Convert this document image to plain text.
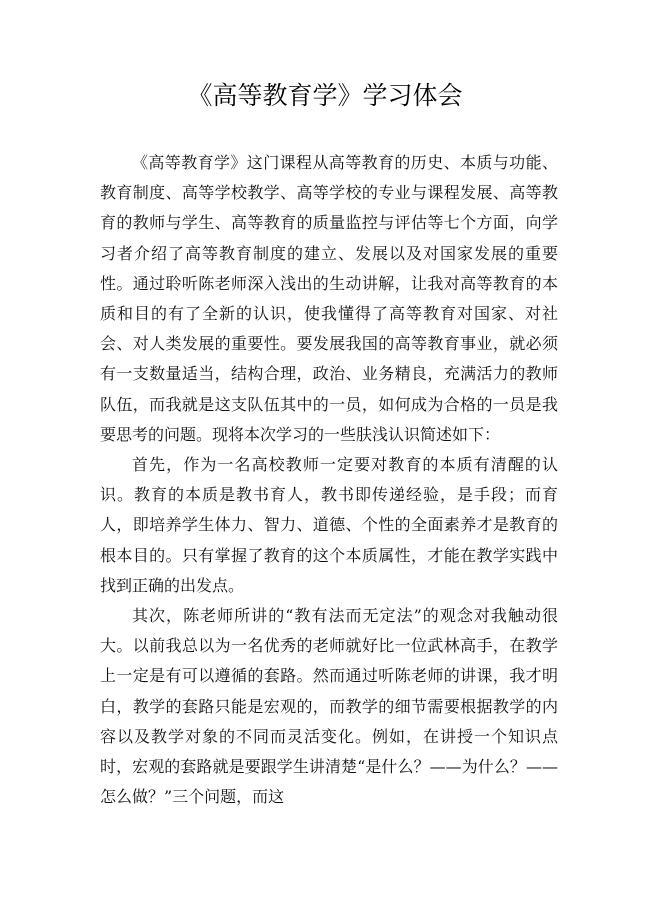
《高等教育学》学习体会

《高等教育学》这门课程从高等教育的历史、本质与功能、教育制度、高等学校教学、高等学校的专业与课程发展、高等教育的教师与学生、高等教育的质量监控与评估等七个方面，向学习者介绍了高等教育制度的建立、发展以及对国家发展的重要性。通过聆听陈老师深入浅出的生动讲解，让我对高等教育的本质和目的有了全新的认识，使我懂得了高等教育对国家、对社会、对人类发展的重要性。要发展我国的高等教育事业，就必须有一支数量适当，结构合理，政治、业务精良，充满活力的教师队伍，而我就是这支队伍其中的一员，如何成为合格的一员是我要思考的问题。现将本次学习的一些肤浅认识简述如下：

首先，作为一名高校教师一定要对教育的本质有清醒的认识。教育的本质是教书育人，教书即传递经验，是手段；而育人，即培养学生体力、智力、道德、个性的全面素养才是教育的根本目的。只有掌握了教育的这个本质属性，才能在教学实践中找到正确的出发点。

其次，陈老师所讲的“教有法而无定法”的观念对我触动很大。以前我总以为一名优秀的老师就好比一位武林高手，在教学上一定是有可以遵循的套路。然而通过听陈老师的讲课，我才明白，教学的套路只能是宏观的，而教学的细节需要根据教学的内容以及教学对象的不同而灵活变化。例如，在讲授一个知识点时，宏观的套路就是要跟学生讲清楚“是什么？——为什么？——怎么做？”三个问题，而这
